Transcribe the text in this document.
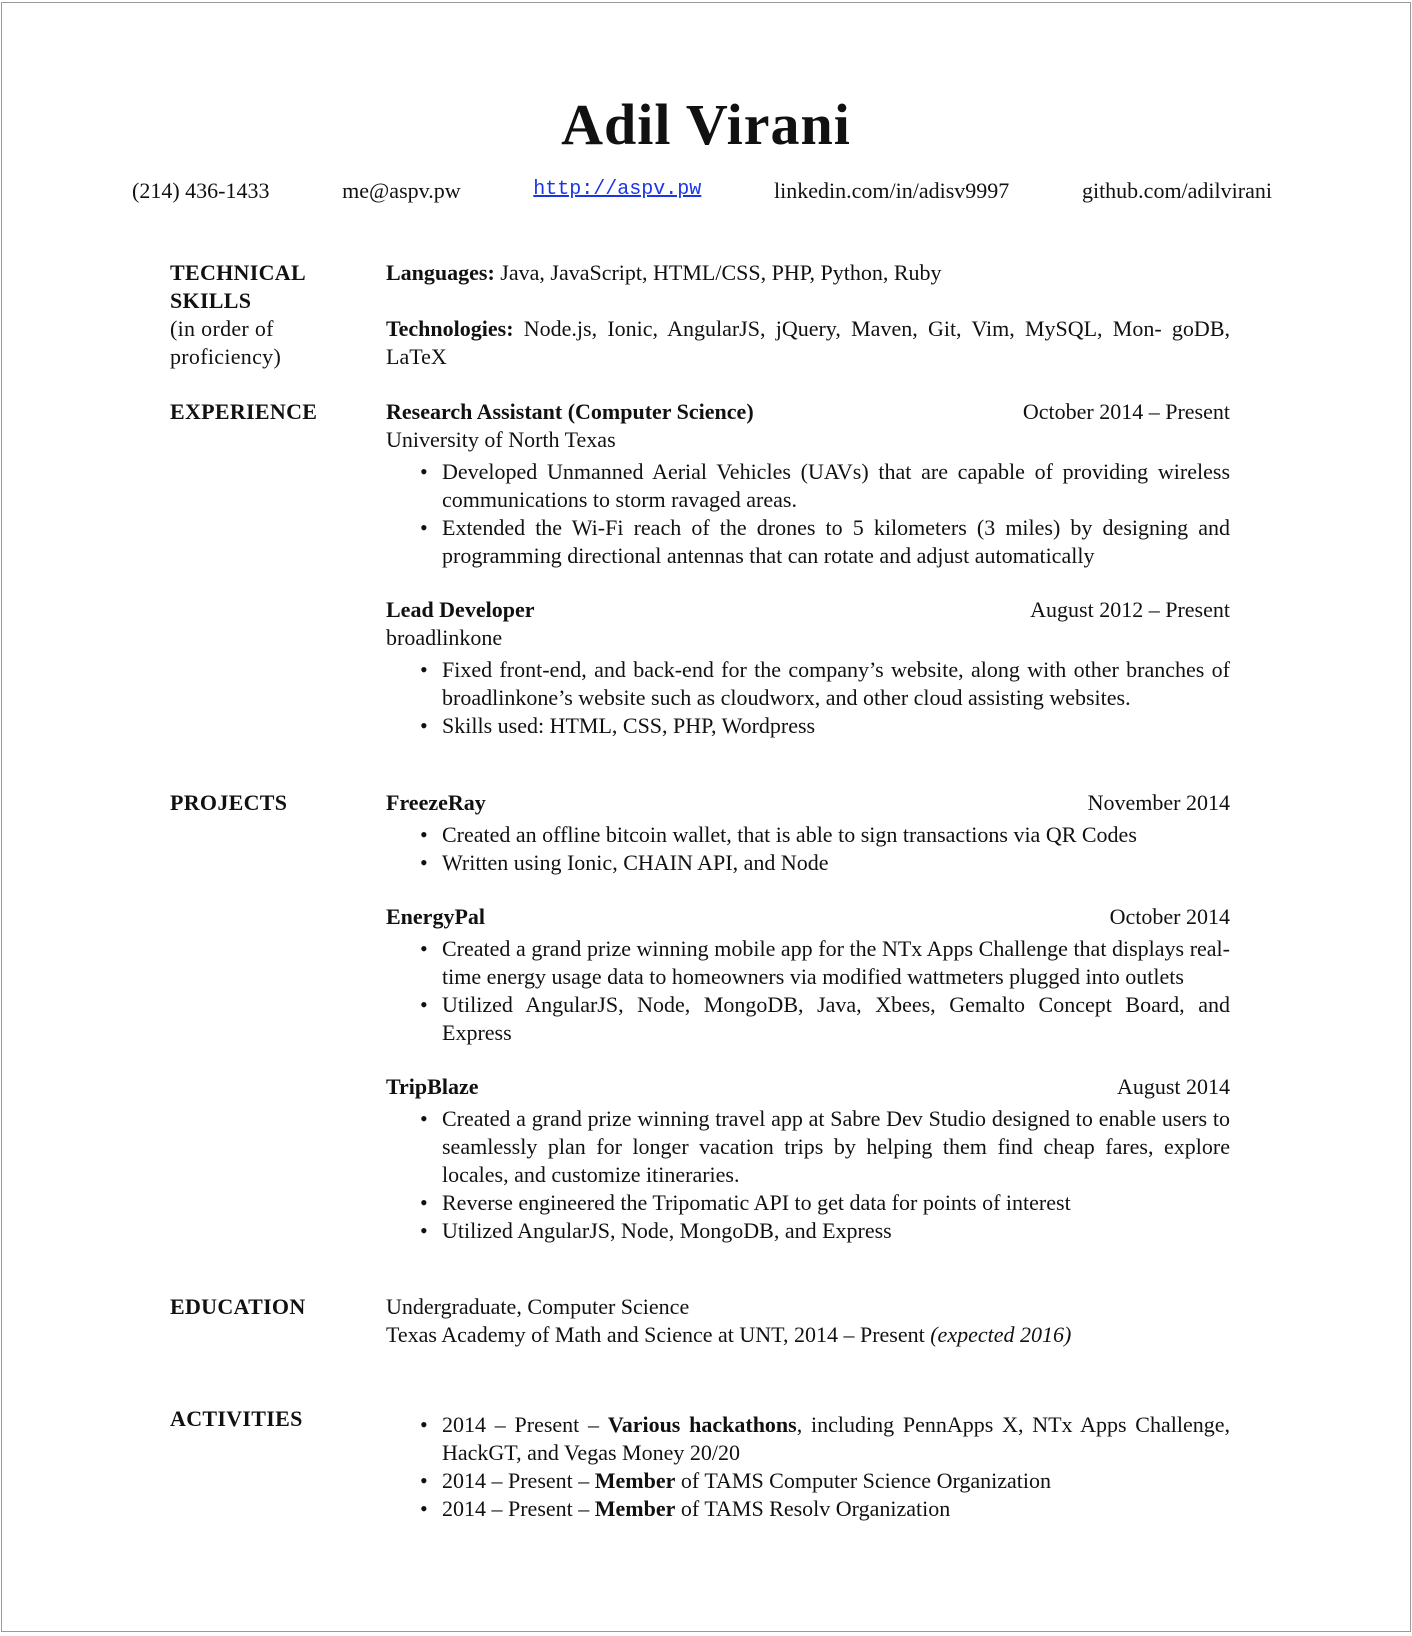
Adil Virani
(214) 436-1433	me@aspv.pw	http://aspv.pw	linkedin.com/in/adisv9997	github.com/adilvirani
TECHNICAL SKILLS
(in order of proficiency)
Languages: Java, JavaScript, HTML/CSS, PHP, Python, Ruby
Technologies: Node.js, Ionic, AngularJS, jQuery, Maven, Git, Vim, MySQL, Mon- goDB, LaTeX
EXPERIENCE	Research Assistant (Computer Science)	October 2014 – Present
University of North Texas
• Developed Unmanned Aerial Vehicles (UAVs) that are capable of providing wireless communications to storm ravaged areas.
• Extended the Wi-Fi reach of the drones to 5 kilometers (3 miles) by designing and programming directional antennas that can rotate and adjust automatically
Lead Developer	August 2012 – Present
broadlinkone
• Fixed front-end, and back-end for the company’s website, along with other branches of broadlinkone’s website such as cloudworx, and other cloud assisting websites.
• Skills used: HTML, CSS, PHP, Wordpress
PROJECTS	FreezeRay	November 2014
• Created an offline bitcoin wallet, that is able to sign transactions via QR Codes
• Written using Ionic, CHAIN API, and Node
EnergyPal	October 2014
• Created a grand prize winning mobile app for the NTx Apps Challenge that displays real-time energy usage data to homeowners via modified wattmeters plugged into outlets
• Utilized AngularJS, Node, MongoDB, Java, Xbees, Gemalto Concept Board, and Express
TripBlaze	August 2014
• Created a grand prize winning travel app at Sabre Dev Studio designed to enable users to seamlessly plan for longer vacation trips by helping them find cheap fares, explore locales, and customize itineraries.
• Reverse engineered the Tripomatic API to get data for points of interest
• Utilized AngularJS, Node, MongoDB, and Express
EDUCATION	Undergraduate, Computer Science
Texas Academy of Math and Science at UNT, 2014 – Present (expected 2016)
ACTIVITIES
•	2014 – Present – Various hackathons, including PennApps X, NTx Apps Challenge, HackGT, and Vegas Money 20/20
• 2014 – Present – Member of TAMS Computer Science Organization
• 2014 – Present – Member of TAMS Resolv Organization
